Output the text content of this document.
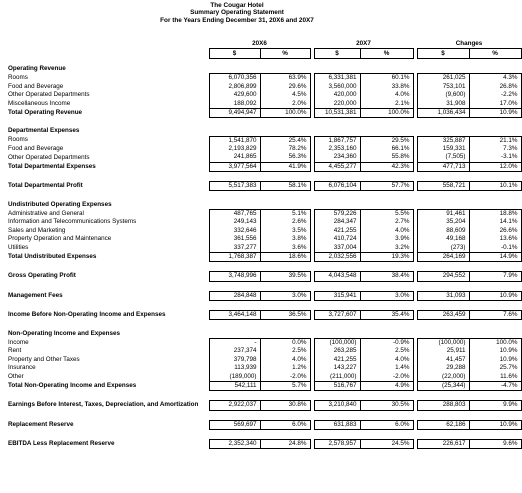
The Cougar Hotel
Summary Operating Statement
For the Years Ending December 31, 20X6 and 20X7
	20X6			20X7			Changes	
	$	%		$	%		$	%

Operating Revenue								
Rooms	6,070,356	63.9%		6,331,381	60.1%		261,025	4.3%
Food and Beverage	2,806,899	29.6%		3,560,000	33.8%		753,101	26.8%
Other Operated Departments	429,600	4.5%		420,000	4.0%		(9,600)	-2.2%
Miscellaneous Income	188,092	2.0%		220,000	2.1%		31,908	17.0%
Total Operating Revenue	9,494,947	100.0%		10,531,381	100.0%		1,036,434	10.9%

Departmental Expenses								
Rooms	1,541,870	25.4%		1,867,757	29.5%		325,887	21.1%
Food and Beverage	2,193,829	78.2%		2,353,160	66.1%		159,331	7.3%
Other Operated Departments	241,865	56.3%		234,360	55.8%		(7,505)	-3.1%
Total Departmental Expenses	3,977,564	41.9%		4,455,277	42.3%		477,713	12.0%

Total Departmental Profit	5,517,383	58.1%		6,076,104	57.7%		558,721	10.1%

Undistributed Operating Expenses								
Administrative and General	487,765	5.1%		579,226	5.5%		91,461	18.8%
Information and Telecommunications Systems	249,143	2.6%		284,347	2.7%		35,204	14.1%
Sales and Marketing	332,646	3.5%		421,255	4.0%		88,609	26.6%
Property Operation and Maintenance	361,556	3.8%		410,724	3.9%		49,168	13.6%
Utilities	337,277	3.6%		337,004	3.2%		(273)	-0.1%
Total Undistributed Expenses	1,768,387	18.6%		2,032,556	19.3%		264,169	14.9%

Gross Operating Profit	3,748,996	39.5%		4,043,548	38.4%		294,552	7.9%

Management Fees	284,848	3.0%		315,941	3.0%		31,093	10.9%

Income Before Non-Operating Income and Expenses	3,464,148	36.5%		3,727,607	35.4%		263,459	7.6%

Non-Operating Income and Expenses								
Income	-	0.0%		(100,000)	-0.9%		(100,000)	100.0%
Rent	237,374	2.5%		263,285	2.5%		25,911	10.9%
Property and Other Taxes	379,798	4.0%		421,255	4.0%		41,457	10.9%
Insurance	113,939	1.2%		143,227	1.4%		29,288	25.7%
Other	(189,000)	-2.0%		(211,000)	-2.0%		(22,000)	11.6%
Total Non-Operating Income and Expenses	542,111	5.7%		516,767	4.9%		(25,344)	-4.7%

Earnings Before Interest, Taxes, Depreciation, and Amortization	2,922,037	30.8%		3,210,840	30.5%		288,803	9.9%

Replacement Reserve	569,697	6.0%		631,883	6.0%		62,186	10.9%

EBITDA Less Replacement Reserve	2,352,340	24.8%		2,578,957	24.5%		226,617	9.6%
